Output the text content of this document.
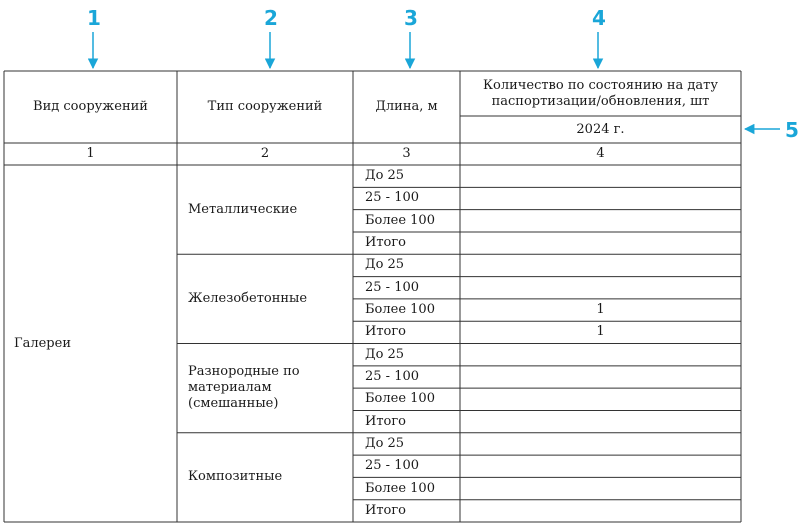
Вид сооружений	Тип сооружений	Длина, м
Количество по состоянию на дату паспортизации/обновления, шт
2024 г.
1	2	3	4
Галереи
Металлические
До 25
25 - 100
Более 100
Итого
Железобетонные
До 25
25 - 100
Более 100	1
Итого	1
Разнородные по материалам (смешанные)
До 25
25 - 100
Более 100
Итого
Композитные
До 25
25 - 100
Более 100
Итого
1	2	3	4
5
